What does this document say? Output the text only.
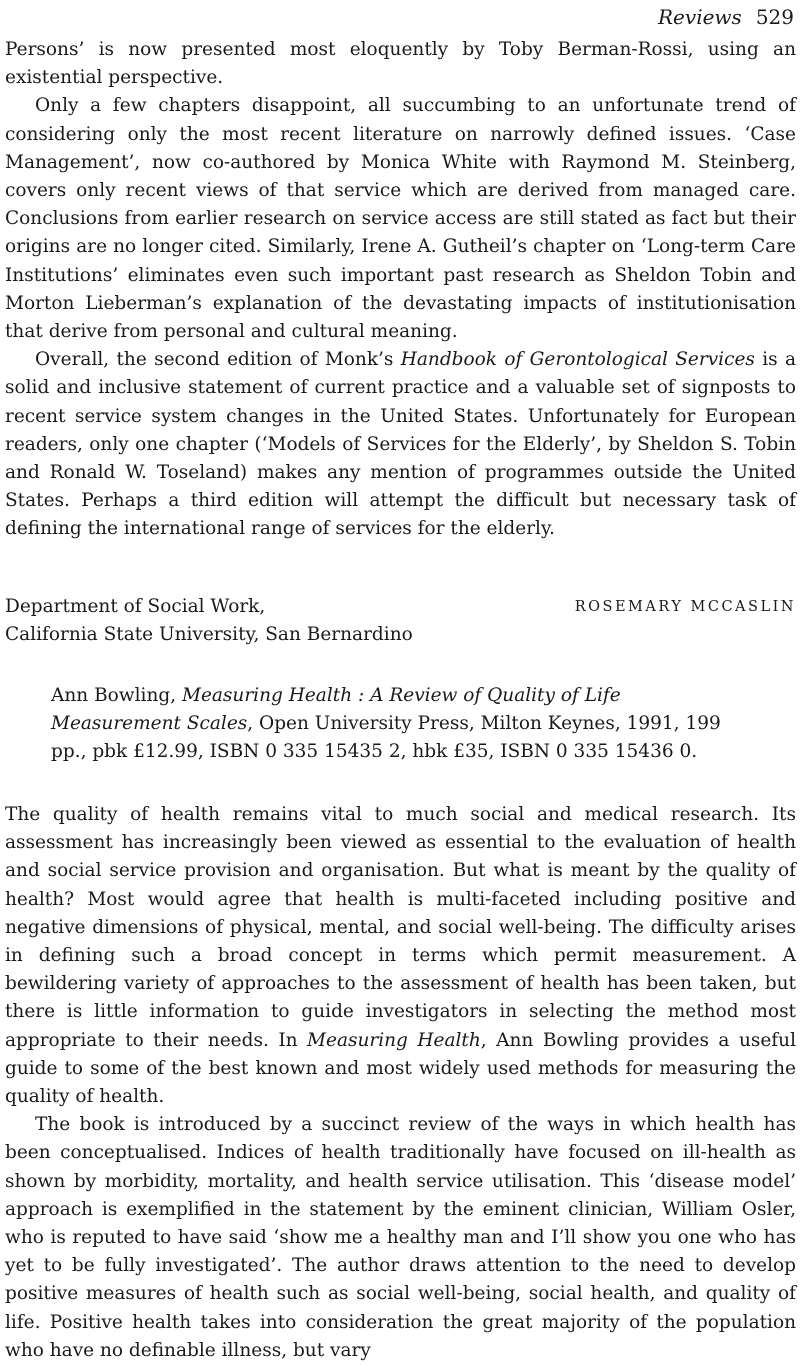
Reviews 529

Persons’ is now presented most eloquently by Toby Berman-Rossi, using an existential perspective.

Only a few chapters disappoint, all succumbing to an unfortunate trend of considering only the most recent literature on narrowly defined issues. ‘Case Management’, now co-authored by Monica White with Raymond M. Steinberg, covers only recent views of that service which are derived from managed care. Conclusions from earlier research on service access are still stated as fact but their origins are no longer cited. Similarly, Irene A. Gutheil’s chapter on ‘Long-term Care Institutions’ eliminates even such important past research as Sheldon Tobin and Morton Lieberman’s explanation of the devastating impacts of institutionisation that derive from personal and cultural meaning.

Overall, the second edition of Monk’s Handbook of Gerontological Services is a solid and inclusive statement of current practice and a valuable set of signposts to recent service system changes in the United States. Unfortunately for European readers, only one chapter (‘Models of Services for the Elderly’, by Sheldon S. Tobin and Ronald W. Toseland) makes any mention of programmes outside the United States. Perhaps a third edition will attempt the difficult but necessary task of defining the international range of services for the elderly.

Department of Social Work,	ROSEMARY MCCASLIN
California State University, San Bernardino

Ann Bowling, Measuring Health : A Review of Quality of Life Measurement Scales, Open University Press, Milton Keynes, 1991, 199 pp., pbk £12.99, ISBN 0 335 15435 2, hbk £35, ISBN 0 335 15436 0.

The quality of health remains vital to much social and medical research. Its assessment has increasingly been viewed as essential to the evaluation of health and social service provision and organisation. But what is meant by the quality of health? Most would agree that health is multi-faceted including positive and negative dimensions of physical, mental, and social well-being. The difficulty arises in defining such a broad concept in terms which permit measurement. A bewildering variety of approaches to the assessment of health has been taken, but there is little information to guide investigators in selecting the method most appropriate to their needs. In Measuring Health, Ann Bowling provides a useful guide to some of the best known and most widely used methods for measuring the quality of health.

The book is introduced by a succinct review of the ways in which health has been conceptualised. Indices of health traditionally have focused on ill-health as shown by morbidity, mortality, and health service utilisation. This ‘disease model’ approach is exemplified in the statement by the eminent clinician, William Osler, who is reputed to have said ‘show me a healthy man and I’ll show you one who has yet to be fully investigated’. The author draws attention to the need to develop positive measures of health such as social well-being, social health, and quality of life. Positive health takes into consideration the great majority of the population who have no definable illness, but vary
